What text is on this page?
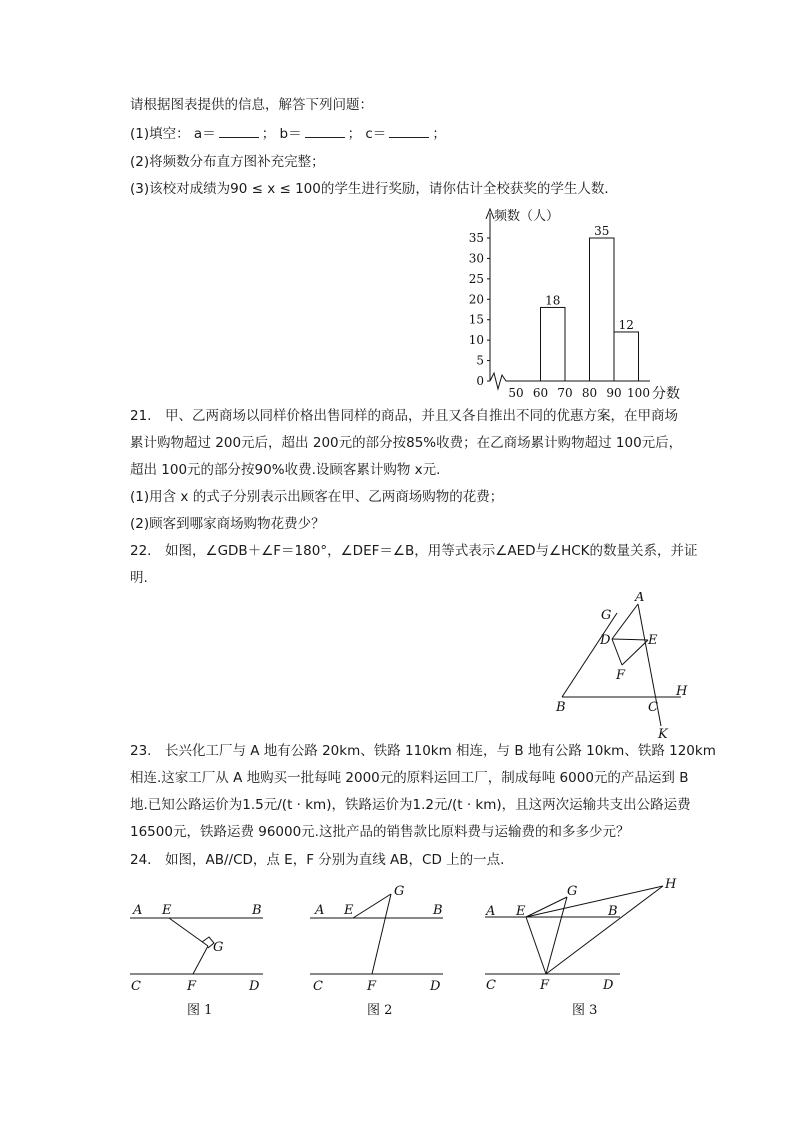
请根据图表提供的信息，解答下列问题：
(1)填空： a＝	； b＝	； c＝	；
(2)将频数分布直方图补充完整；
(3)该校对成绩为90 ≤ x ≤ 100的学生进行奖励，请你估计全校获奖的学生人数．
频数（人）
分数
0
5
10
15
20
25
30
35
50 60 70 80 90 100
18
35
12
21.　甲、乙两商场以同样价格出售同样的商品，并且又各自推出不同的优惠方案，在甲商场
累计购物超过 200元后，超出 200元的部分按85%收费；在乙商场累计购物超过 100元后，
超出 100元的部分按90%收费.设顾客累计购物 x元.
(1)用含 x 的式子分别表示出顾客在甲、乙两商场购物的花费；
(2)顾客到哪家商场购物花费少？
22.　如图，∠GDB＋∠F＝180°，∠DEF＝∠B，用等式表示∠AED与∠HCK的数量关系，并证
明.
G
A
D	E
F
H
B	C
K
23.　长兴化工厂与 A 地有公路 20km、铁路 110km 相连，与 B 地有公路 10km、铁路 120km
相连.这家工厂从 A 地购买一批每吨 2000元的原料运回工厂，制成每吨 6000元的产品运到 B
地.已知公路运价为1.5元/(t · km)，铁路运价为1.2元/(t · km)，且这两次运输共支出公路运费
16500元，铁路运费 96000元.这批产品的销售款比原料费与运输费的和多多少元？
24.　如图，AB//CD，点 E，F 分别为直线 AB，CD 上的一点.
A E	B
G
C	F	D
图 1
A E	B
G
C	F	D
图 2
A E	B
G	H
C	F	D
图 3
